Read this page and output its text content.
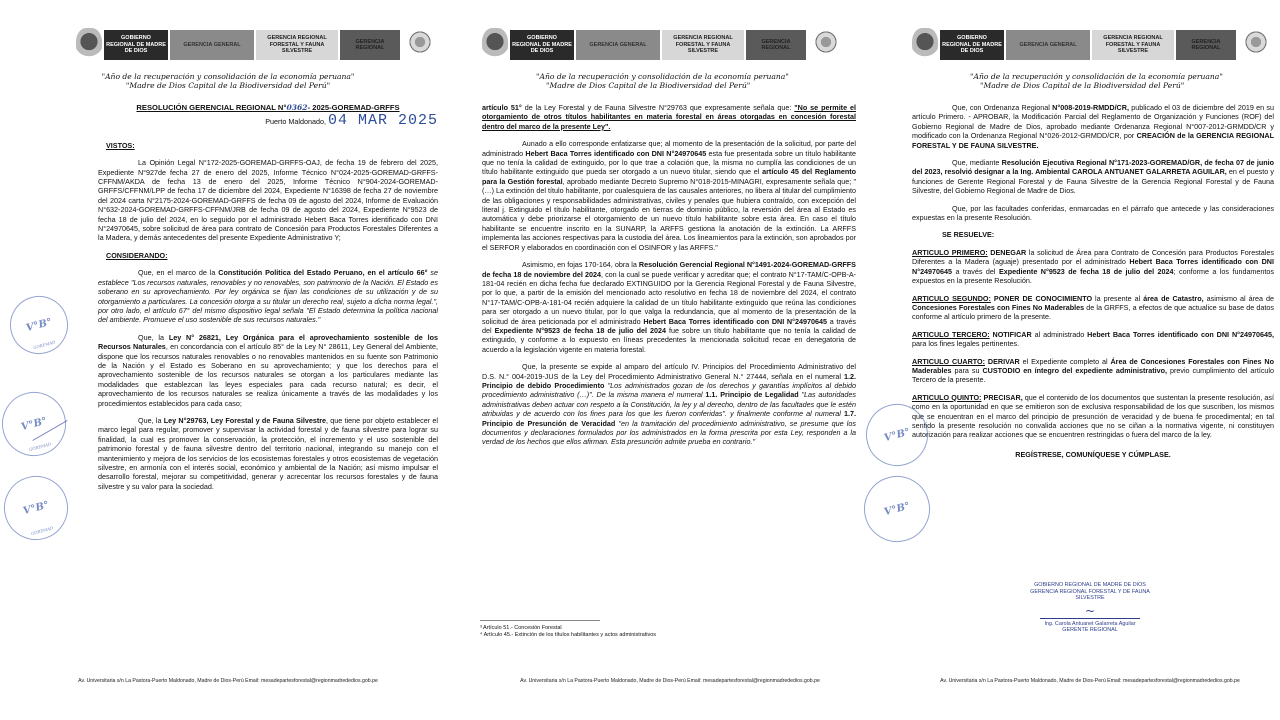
GOBIERNO REGIONAL DE MADRE DE DIOS
GERENCIA GENERAL
GERENCIA REGIONAL FORESTAL Y FAUNA SILVESTRE
GERENCIA REGIONAL
"Año de la recuperación y consolidación de la economía peruana"
"Madre de Dios Capital de la Biodiversidad del Perú"

RESOLUCIÓN GERENCIAL REGIONAL N°0362- 2025-GOREMAD-GRFFS

Puerto Maldonado, 04 MAR 2025

VISTOS:

La Opinión Legal N°172-2025-GOREMAD-GRFFS-OAJ, de fecha 19 de febrero del 2025, Expediente N°927de fecha 27 de enero del 2025, Informe Técnico N°024-2025-GOREMAD-GRFFS-CFFNM/AKDA de fecha 13 de enero del 2025, Informe Técnico N°904-2024-GOREMAD-GRFFS/CFFNM/LPP de fecha 17 de diciembre del 2024, Expediente N°16398 de fecha 27 de noviembre del 2024 carta N°2175-2024-GOREMAD-GRFFS de fecha 09 de agosto del 2024, Informe de Evaluación N°632-2024-GOREMAD-GRFFS-CFFNM/JRB de fecha 09 de agosto del 2024, Expediente N°9523 de fecha 18 de julio del 2024, en lo seguido por el administrado Hebert Baca Torres identificado con DNI N°24970645, sobre solicitud de área para contrato de Concesión para Productos Forestales Diferentes a la Madera, y demás antecedentes del presente Expediente Administrativo Y;

CONSIDERANDO:

Que, en el marco de la Constitución Política del Estado Peruano, en el artículo 66° se establece "Los recursos naturales, renovables y no renovables, son patrimonio de la Nación. El Estado es soberano en su aprovechamiento. Por ley orgánica se fijan las condiciones de su utilización y de su otorgamiento a particulares. La concesión otorga a su titular un derecho real, sujeto a dicha norma legal.", por otro lado, el artículo 67° del mismo dispositivo legal señala "El Estado determina la política nacional del ambiente. Promueve el uso sostenible de sus recursos naturales."

Que, la Ley N° 26821, Ley Orgánica para el aprovechamiento sostenible de los Recursos Naturales, en concordancia con el artículo 85° de la Ley N° 28611, Ley General del Ambiente, dispone que los recursos naturales renovables o no renovables mantenidos en su fuente son Patrimonio de la Nación y el Estado es Soberano en su aprovechamiento; y que los derechos para el aprovechamiento sostenible de los recursos naturales se otorgan a los particulares mediante las modalidades que establezcan las leyes especiales para cada recurso natural; es decir, el aprovechamiento de los recursos naturales se realiza únicamente a través de las modalidades y los procedimientos establecidos para cada caso;

Que, la Ley N°29763, Ley Forestal y de Fauna Silvestre, que tiene por objeto establecer el marco legal para regular, promover y supervisar la actividad forestal y de fauna silvestre para lograr su finalidad, la cual es promover la conservación, la protección, el incremento y el uso sostenible del patrimonio forestal y de fauna silvestre dentro del territorio nacional, integrando su manejo con el mantenimiento y mejora de los servicios de los ecosistemas forestales y otros ecosistemas de vegetación silvestre, en armonía con el interés social, económico y ambiental de la Nación; así mismo impulsar el desarrollo forestal, mejorar su competitividad, generar y acrecentar los recursos forestales y de fauna silvestre y su valor para la sociedad.

V°B°
GOREMAD
V°B°
GOREMAD
V°B°
GOREMAD
Av. Universitaria s/n La Pastora-Puerto Maldonado, Madre de Dios-Perú Email: mesadepartesforestal@regionmadrededios.gob.pe
GOBIERNO REGIONAL DE MADRE DE DIOS
GERENCIA GENERAL
GERENCIA REGIONAL FORESTAL Y FAUNA SILVESTRE
GERENCIA REGIONAL
"Año de la recuperación y consolidación de la economía peruana"
"Madre de Dios Capital de la Biodiversidad del Perú"

artículo 51° de la Ley Forestal y de Fauna Silvestre N°29763 que expresamente señala que: "No se permite el otorgamiento de otros títulos habilitantes en materia forestal en áreas otorgadas en concesión forestal dentro del marco de la presente Ley".

Aunado a ello corresponde enfatizarse que; al momento de la presentación de la solicitud, por parte del administrado Hebert Baca Torres identificado con DNI N°24970645 esta fue presentada sobre un título habilitante que no tenía la calidad de extinguido, por lo que trae a colación que, la misma no cumplía las condiciones de un título habilitante extinguido que pueda ser otorgado a un nuevo titular, siendo que el artículo 45 del Reglamento para la Gestión forestal, aprobado mediante Decreto Supremo N°018-2015-MINAGRI, expresamente señala que; " (…) La extinción del título habilitante, por cualesquiera de las causales anteriores, no libera al titular del cumplimiento de las obligaciones y responsabilidades administrativas, civiles y penales que hubiera contraído, con excepción del literal j. Extinguido el título habilitante, otorgado en tierras de dominio público, la reversión del área al Estado es automática y debe priorizarse el otorgamiento de un nuevo título habilitante sobre esta área. En caso el título habilitante se encuentre inscrito en la SUNARP, la ARFFS gestiona la anotación de la extinción. La ARFFS implementa las acciones respectivas para la custodia del área. Los lineamientos para la extinción, son aprobados por el SERFOR y elaborados en coordinación con el OSINFOR y las ARFFS."

Asimismo, en fojas 170-164, obra la Resolución Gerencial Regional N°1491-2024-GOREMAD-GRFFS de fecha 18 de noviembre del 2024, con la cual se puede verificar y acreditar que; el contrato N°17-TAM/C-OPB-A-181-04 recién en dicha fecha fue declarado EXTINGUIDO por la Gerencia Regional Forestal y de Fauna Silvestre, por lo que, a partir de la emisión del mencionado acto resolutivo en fecha 18 de noviembre del 2024, el contrato N°17-TAM/C-OPB-A-181-04 recién adquiere la calidad de un título habilitante extinguido que reúna las condiciones para ser otorgado a un nuevo titular, por lo que valga la redundancia, que al momento de la presentación de la solicitud de área peticionada por el administrado Hebert Baca Torres identificado con DNI N°24970645 a través del Expediente N°9523 de fecha 18 de julio del 2024 fue sobre un título habilitante que no tenía la calidad de extinguido, y conforme a lo expuesto en líneas precedentes la mencionada solicitud recae en denegatoria de acuerdo a la legislación vigente en materia forestal.

Que, la presente se expide al amparo del artículo IV. Principios del Procedimiento Administrativo del D.S. N.° 004-2019-JUS de la Ley del Procedimiento Administrativo General N.° 27444, señala en el numeral 1.2. Principio de debido Procedimiento "Los administrados gozan de los derechos y garantías implícitos al debido procedimiento administrativo (…)". De la misma manera el numeral 1.1. Principio de Legalidad "Las autoridades administrativas deben actuar con respeto a la Constitución, la ley y al derecho, dentro de las facultades que le estén atribuidas y de acuerdo con los fines para los que les fueron conferidas". y finalmente conforme al numeral 1.7. Principio de Presunción de Veracidad "en la tramitación del procedimiento administrativo, se presume que los documentos y declaraciones formulados por los administrados en la forma prescrita por esta Ley, responden a la verdad de los hechos que ellos afirman. Esta presunción admite prueba en contrario."

³ Artículo 51.- Concesión Forestal
⁴ Artículo 45.- Extinción de los títulos habilitantes y actos administrativos
Av. Universitaria s/n La Pastora-Puerto Maldonado, Madre de Dios-Perú Email: mesadepartesforestal@regionmadrededios.gob.pe
GOBIERNO REGIONAL DE MADRE DE DIOS
GERENCIA GENERAL
GERENCIA REGIONAL FORESTAL Y FAUNA SILVESTRE
GERENCIA REGIONAL
"Año de la recuperación y consolidación de la economía peruana"
"Madre de Dios Capital de la Biodiversidad del Perú"

Que, con Ordenanza Regional N°008-2019-RMDD/CR, publicado el 03 de diciembre del 2019 en su artículo Primero. - APROBAR, la Modificación Parcial del Reglamento de Organización y Funciones (ROF) del Gobierno Regional de Madre de Dios, aprobado mediante Ordenanza Regional N°007-2012-GRMDD/CR y modificado con la Ordenanza Regional N°026-2012-GRMDD/CR, por CREACIÓN de la GERENCIA REGIONAL FORESTAL Y DE FAUNA SILVESTRE.

Que, mediante Resolución Ejecutiva Regional N°171-2023-GOREMAD/GR, de fecha 07 de junio del 2023, resolvió designar a la Ing. Ambiental CAROLA ANTUANET GALARRETA AGUILAR, en el puesto y funciones de Gerente Regional Forestal y de Fauna Silvestre de la Gerencia Regional Forestal y de Fauna Silvestre, del Gobierno Regional de Madre de Dios.

Que, por las facultades conferidas, enmarcadas en el párrafo que antecede y las consideraciones expuestas en la presente Resolución.

SE RESUELVE:

ARTICULO PRIMERO: DENEGAR la solicitud de Área para Contrato de Concesión para Productos Forestales Diferentes a la Madera (aguaje) presentado por el administrado Hebert Baca Torres identificado con DNI N°24970645 a través del Expediente N°9523 de fecha 18 de julio del 2024; conforme a los fundamentos expuestos en la presente Resolución.

ARTICULO SEGUNDO: PONER DE CONOCIMIENTO la presente al área de Catastro, asimismo al área de Concesiones Forestales con Fines No Maderables de la GRFFS, a efectos de que actualice su base de datos conforme al artículo primero de la presente.

ARTICULO TERCERO: NOTIFICAR al administrado Hebert Baca Torres identificado con DNI N°24970645, para los fines legales pertinentes.

ARTICULO CUARTO: DERIVAR el Expediente completo al Área de Concesiones Forestales con Fines No Maderables para su CUSTODIO en íntegro del expediente administrativo, previo cumplimiento del artículo Tercero de la presente.

ARTICULO QUINTO: PRECISAR, que el contenido de los documentos que sustentan la presente resolución, así como en la oportunidad en que se emitieron son de exclusiva responsabilidad de los que suscriben, los mismos que se encuentran en el marco del principio de presunción de veracidad y de buena fe procedimental; en tal sentido la presente resolución no convalida acciones que no se ciñan a la normativa vigente, ni constituyen autorización para realizar acciones que se encuentren restringidas o fuera del marco de la ley.

REGÍSTRESE, COMUNÍQUESE Y CÚMPLASE.

GOBIERNO REGIONAL DE MADRE DE DIOS
GERENCIA REGIONAL FORESTAL Y DE FAUNA SILVESTRE
~
Ing. Carola Antuanet Galarreta Aguilar
GERENTE REGIONAL
V°B°
V°B°
Av. Universitaria s/n La Pastora-Puerto Maldonado, Madre de Dios-Perú Email: mesadepartesforestal@regionmadrededios.gob.pe
